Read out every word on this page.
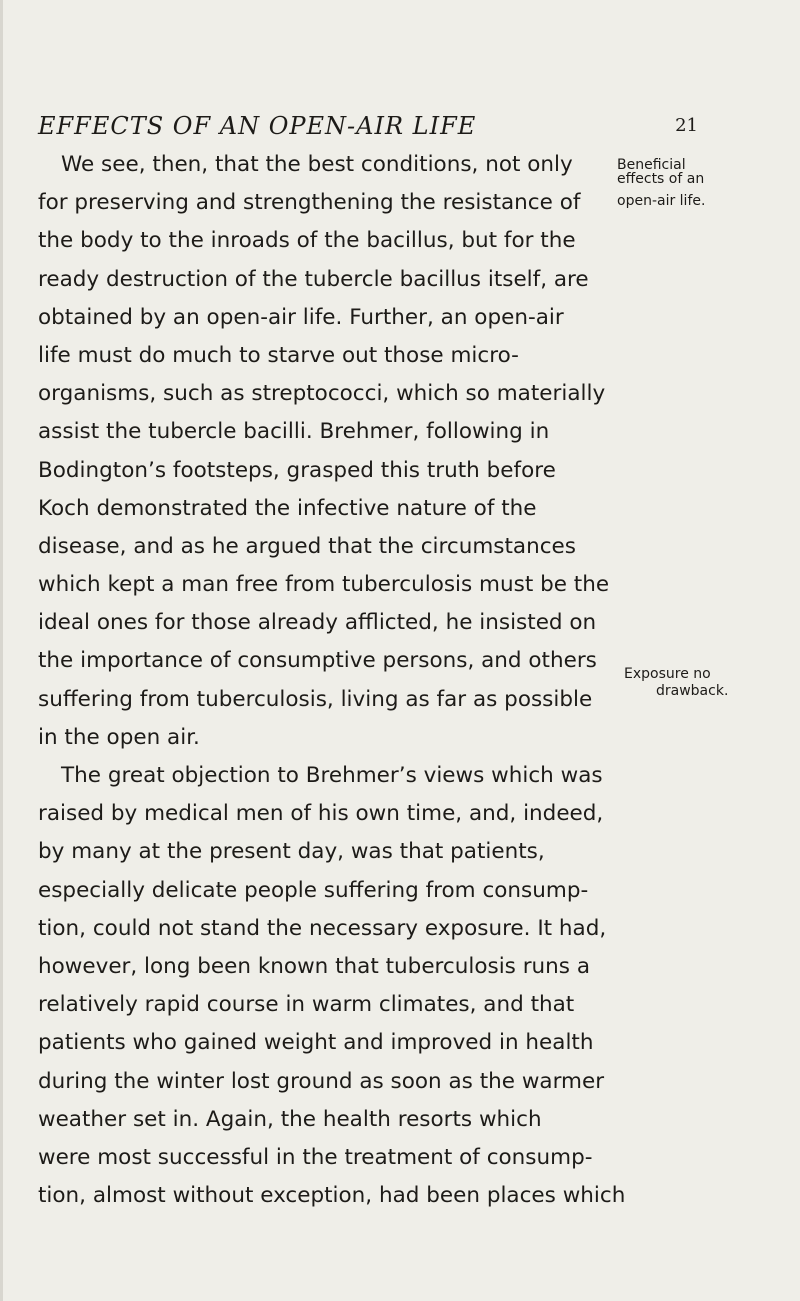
EFFECTS OF AN OPEN-AIR LIFE	21
Beneficial
effects of an
open-air life.
Exposure no
drawback.
We see, then, that the best conditions, not only
for preserving and strengthening the resistance of
the body to the inroads of the bacillus, but for the
ready destruction of the tubercle bacillus itself, are
obtained by an open-air life. Further, an open-air
life must do much to starve out those micro-
organisms, such as streptococci, which so materially
assist the tubercle bacilli. Brehmer, following in
Bodington’s footsteps, grasped this truth before
Koch demonstrated the infective nature of the
disease, and as he argued that the circumstances
which kept a man free from tuberculosis must be the
ideal ones for those already afflicted, he insisted on
the importance of consumptive persons, and others
suffering from tuberculosis, living as far as possible
in the open air.
The great objection to Brehmer’s views which was
raised by medical men of his own time, and, indeed,
by many at the present day, was that patients,
especially delicate people suffering from consump-
tion, could not stand the necessary exposure. It had,
however, long been known that tuberculosis runs a
relatively rapid course in warm climates, and that
patients who gained weight and improved in health
during the winter lost ground as soon as the warmer
weather set in. Again, the health resorts which
were most successful in the treatment of consump-
tion, almost without exception, had been places which
